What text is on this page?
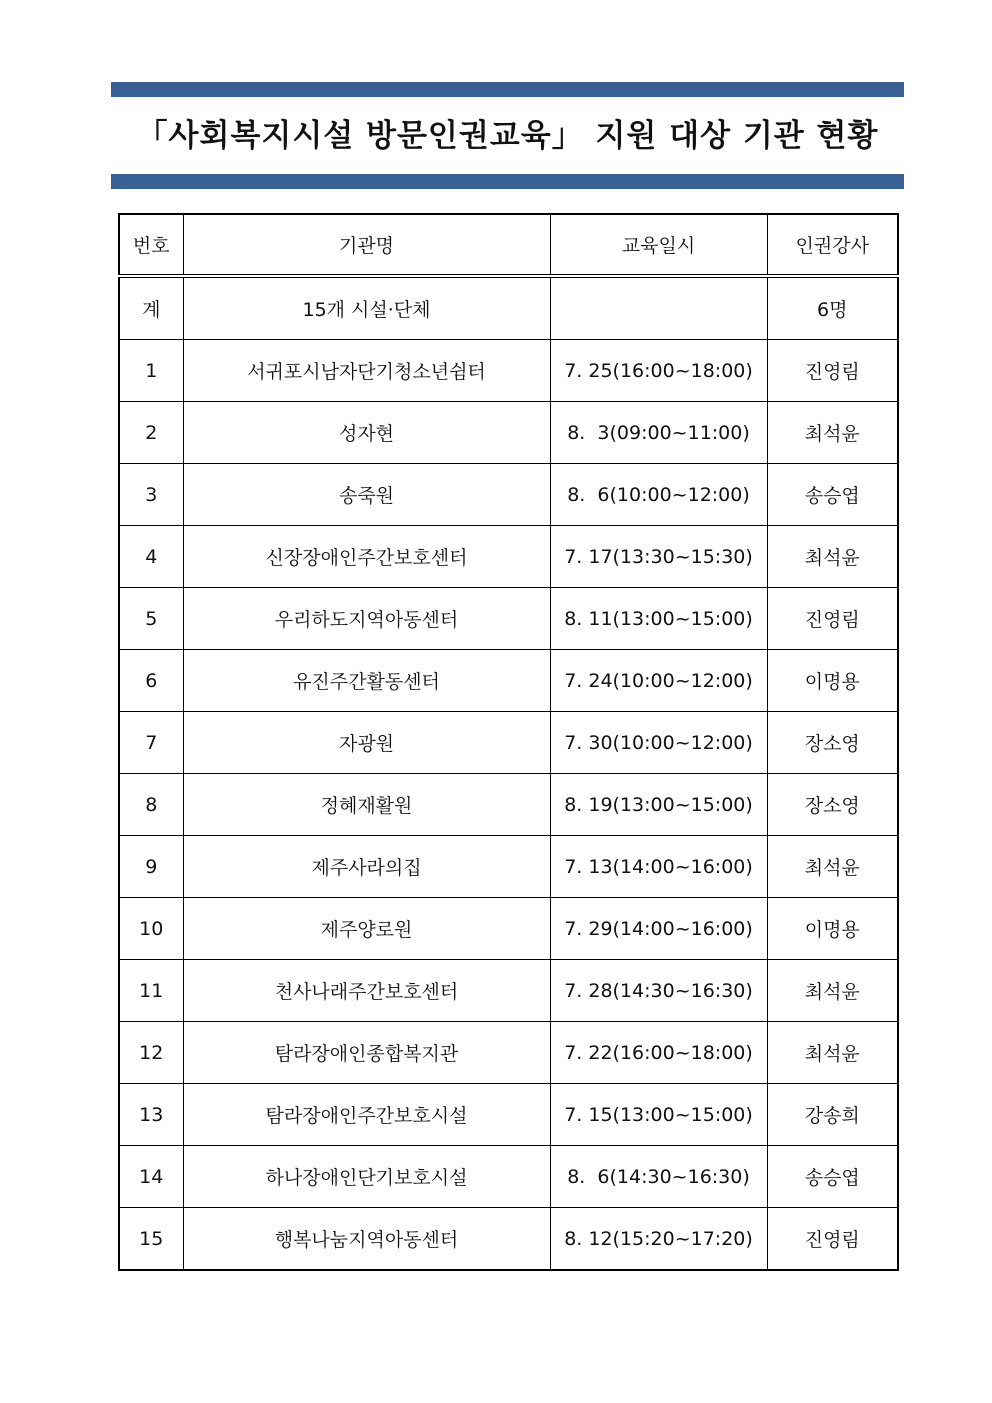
「사회복지시설 방문인권교육」 지원 대상 기관 현황
번호	기관명	교육일시	인권강사
계	15개 시설·단체		6명
1	서귀포시남자단기청소년쉼터	7. 25(16:00~18:00)	진영림
2	성자현	8.  3(09:00~11:00)	최석윤
3	송죽원	8.  6(10:00~12:00)	송승엽
4	신장장애인주간보호센터	7. 17(13:30~15:30)	최석윤
5	우리하도지역아동센터	8. 11(13:00~15:00)	진영림
6	유진주간활동센터	7. 24(10:00~12:00)	이명용
7	자광원	7. 30(10:00~12:00)	장소영
8	정혜재활원	8. 19(13:00~15:00)	장소영
9	제주사라의집	7. 13(14:00~16:00)	최석윤
10	제주양로원	7. 29(14:00~16:00)	이명용
11	천사나래주간보호센터	7. 28(14:30~16:30)	최석윤
12	탐라장애인종합복지관	7. 22(16:00~18:00)	최석윤
13	탐라장애인주간보호시설	7. 15(13:00~15:00)	강송희
14	하나장애인단기보호시설	8.  6(14:30~16:30)	송승엽
15	행복나눔지역아동센터	8. 12(15:20~17:20)	진영림
